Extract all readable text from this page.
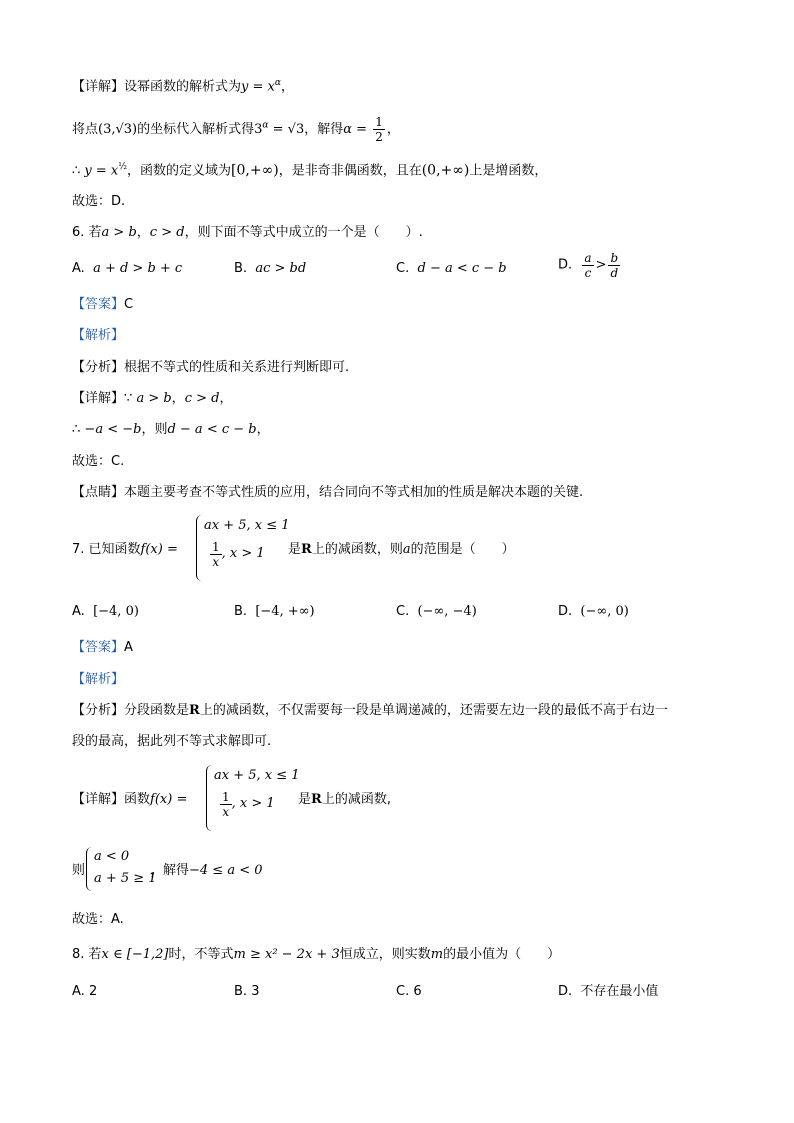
【详解】设幂函数的解析式为$y = x^\alpha$，
将点(3,√3)的坐标代入解析式得$3^\alpha = √3$，解得$\alpha = \frac{1}{2}$ ，
∴ $y = x^{\frac{1}{2}}$，函数的定义域为[0,+∞)，是非奇非偶函数，且在(0,+∞)上是增函数，
故选：D.
6. 若a > b，c > d，则下面不等式中成立的一个是（　　）.
A. a + d > b + c	B. ac > bd	C. d − a < c − b	D. $\frac{a}{c} > \frac{b}{d}$
【答案】C
【解析】
【分析】根据不等式的性质和关系进行判断即可.
【详解】∵ a > b，c > d，
∴ −a < −b，则d − a < c − b，
故选：C.
【点睛】本题主要考查不等式性质的应用，结合同向不等式相加的性质是解决本题的关键.
7. 已知函数f(x) =
ax + 5, x ≤ 1
$\frac{1}{x}$ , x > 1 是R上的减函数，则a的范围是（　　）
A. [−4, 0)	B. [−4, +∞)	C. (−∞, −4)	D. (−∞, 0)
【答案】A
【解析】
【分析】分段函数是R上的减函数，不仅需要每一段是单调递减的，还需要左边一段的最低不高于右边一
段的最高，据此列不等式求解即可.
【详解】函数f(x) =
ax + 5, x ≤ 1
$\frac{1}{x}$ , x > 1 是R上的减函数,
则
a < 0
a + 5 ≥ 1
，解得−4 ≤ a < 0
故选：A.
8. 若x ∈ [−1,2]时，不等式m ≥ x² − 2x + 3恒成立，则实数m的最小值为（　　）
A. 2	B. 3	C. 6	D. 不存在最小值
